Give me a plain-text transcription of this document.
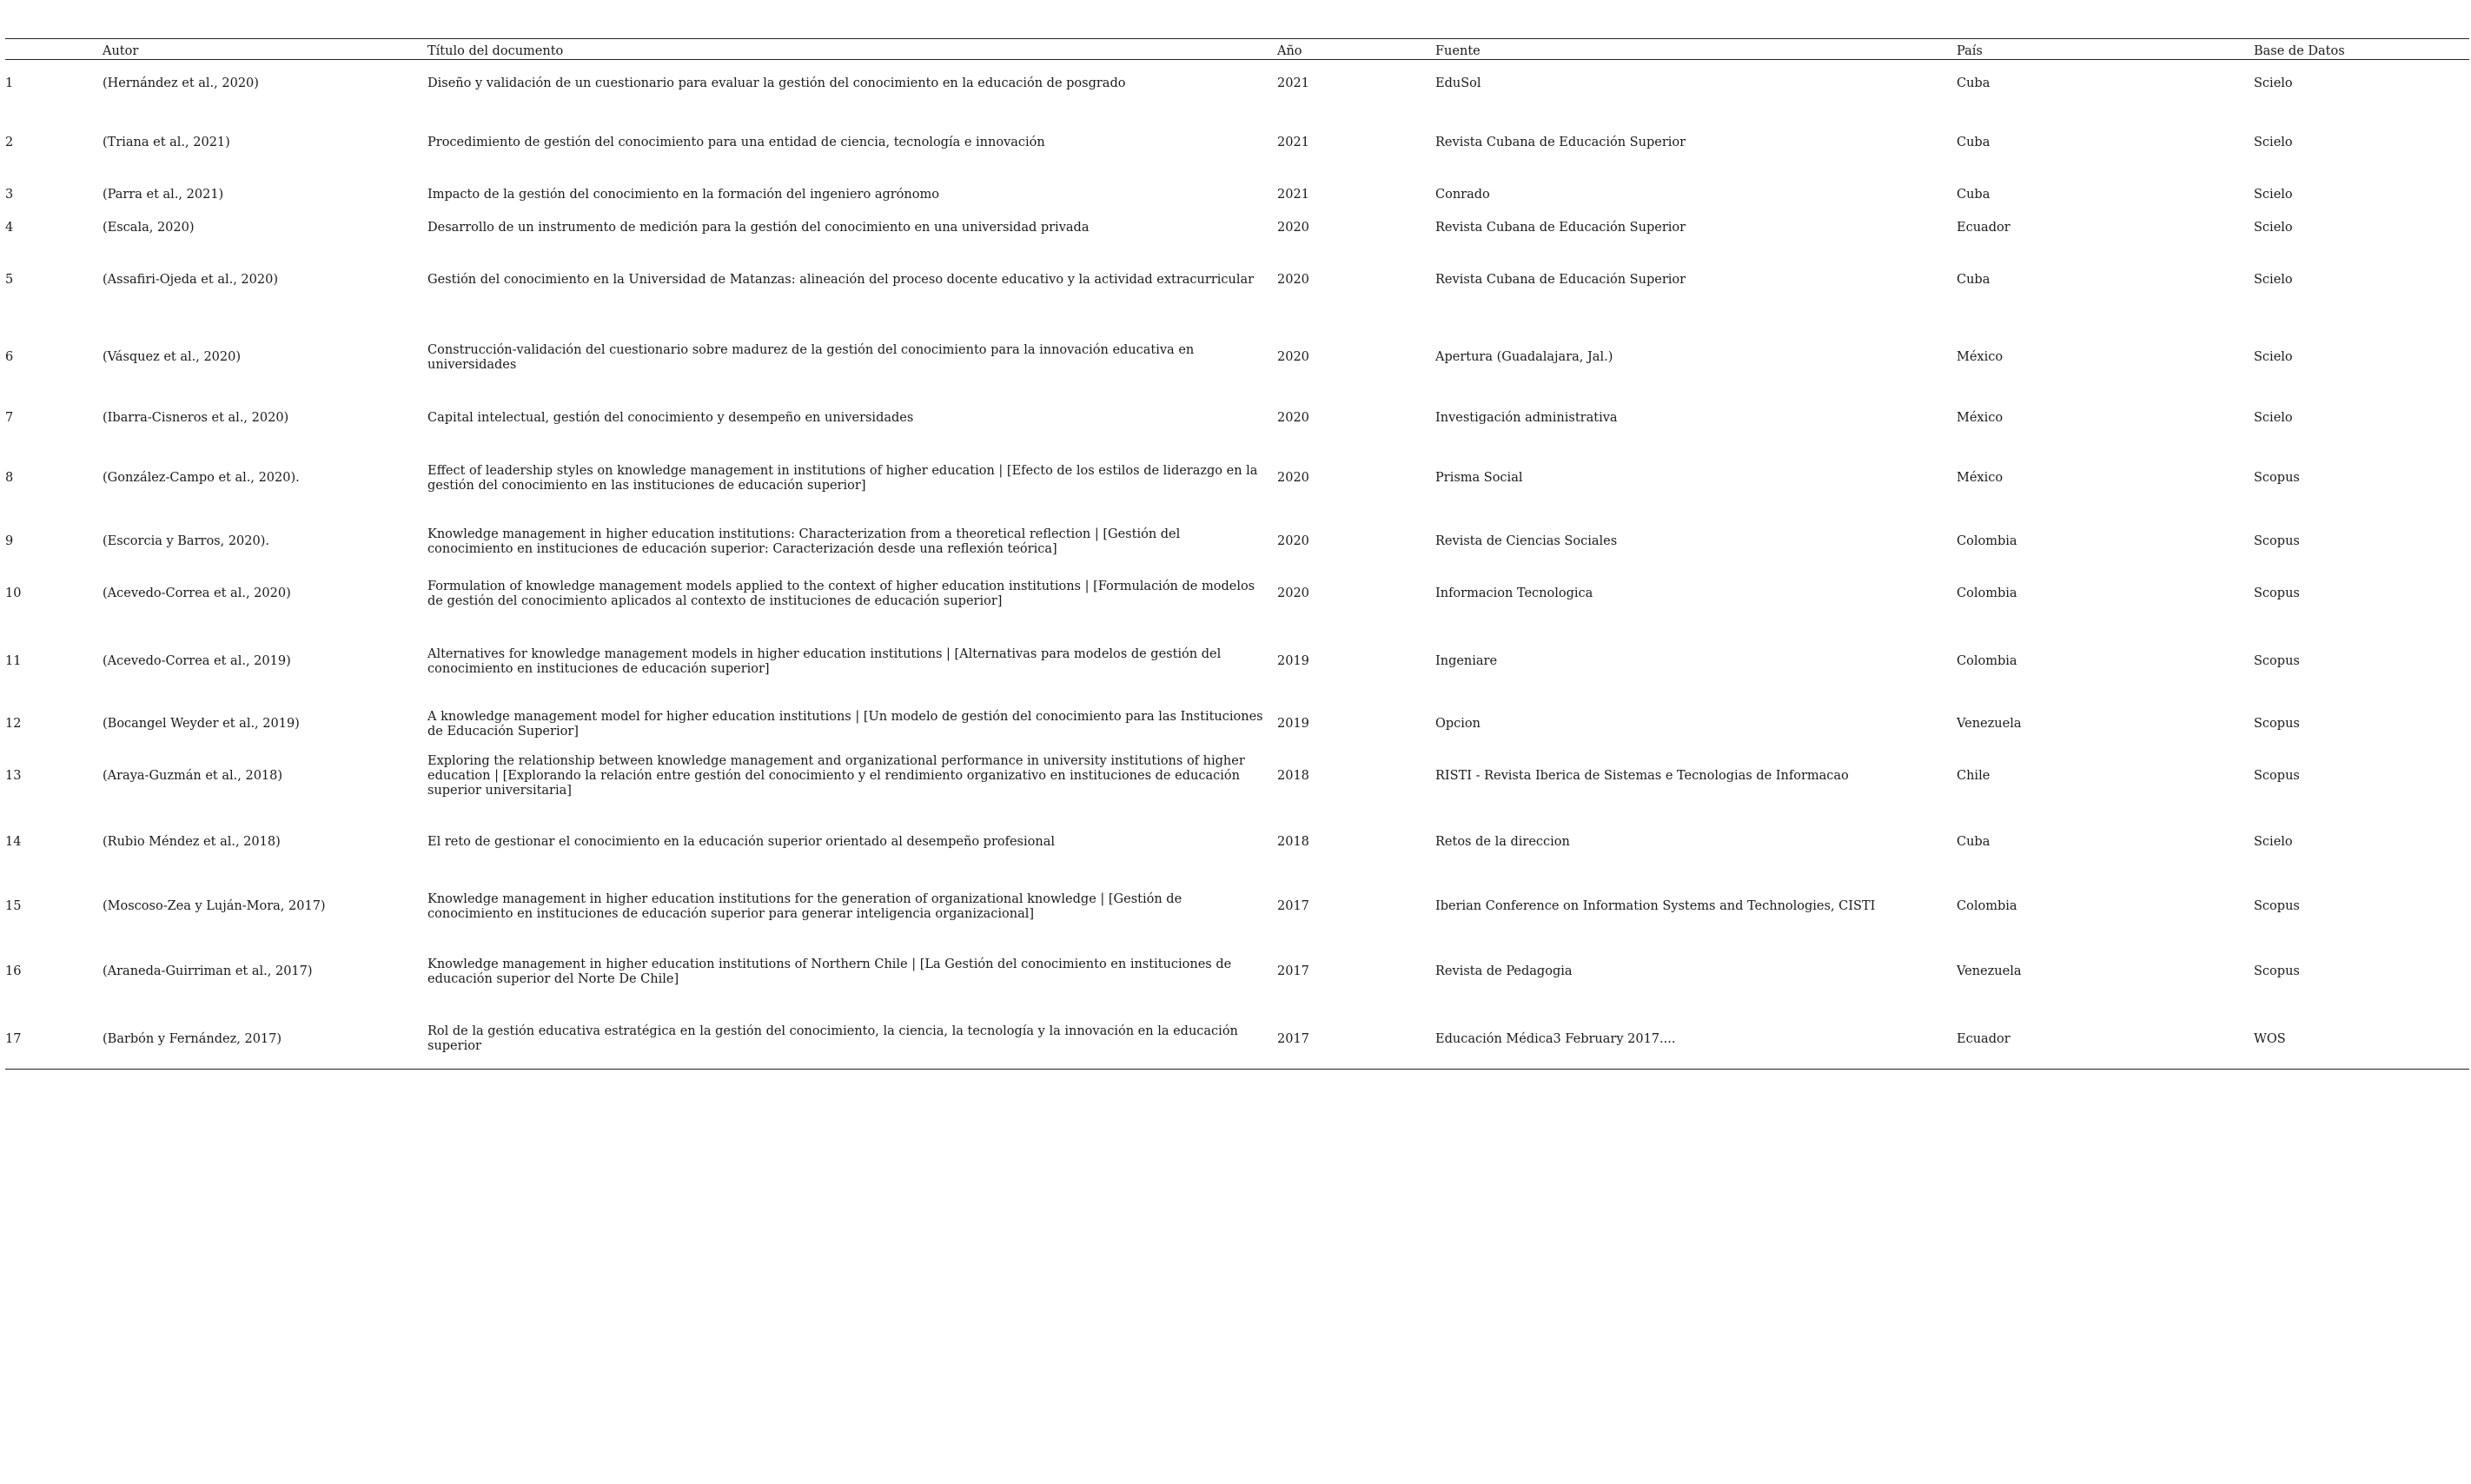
	Autor	Título del documento	Año	Fuente	País	Base de Datos
1	(Hernández et al., 2020)	Diseño y validación de un cuestionario para evaluar la gestión del conocimiento en la educación de posgrado	2021	EduSol	Cuba	Scielo
2	(Triana et al., 2021)	Procedimiento de gestión del conocimiento para una entidad de ciencia, tecnología e innovación	2021	Revista Cubana de Educación Superior	Cuba	Scielo
3	(Parra et al., 2021)	Impacto de la gestión del conocimiento en la formación del ingeniero agrónomo	2021	Conrado	Cuba	Scielo
4	(Escala, 2020)	Desarrollo de un instrumento de medición para la gestión del conocimiento en una universidad privada	2020	Revista Cubana de Educación Superior	Ecuador	Scielo
5	(Assafiri-Ojeda et al., 2020)	Gestión del conocimiento en la Universidad de Matanzas: alineación del proceso docente educativo y la actividad extracurricular	2020	Revista Cubana de Educación Superior	Cuba	Scielo
6	(Vásquez et al., 2020)	Construcción-validación del cuestionario sobre madurez de la gestión del conocimiento para la innovación educativa en universidades	2020	Apertura (Guadalajara, Jal.)	México	Scielo
7	(Ibarra-Cisneros et al., 2020)	Capital intelectual, gestión del conocimiento y desempeño en universidades	2020	Investigación administrativa	México	Scielo
8	(González-Campo et al., 2020).	Effect of leadership styles on knowledge management in institutions of higher education | [Efecto de los estilos de liderazgo en la gestión del conocimiento en las instituciones de educación superior]	2020	Prisma Social	México	Scopus
9	(Escorcia y Barros, 2020).	Knowledge management in higher education institutions: Characterization from a theoretical reflection | [Gestión del conocimiento en instituciones de educación superior: Caracterización desde una reflexión teórica]	2020	Revista de Ciencias Sociales	Colombia	Scopus
10	(Acevedo-Correa et al., 2020)	Formulation of knowledge management models applied to the context of higher education institutions | [Formulación de modelos de gestión del conocimiento aplicados al contexto de instituciones de educación superior]	2020	Informacion Tecnologica	Colombia	Scopus
11	(Acevedo-Correa et al., 2019)	Alternatives for knowledge management models in higher education institutions | [Alternativas para modelos de gestión del conocimiento en instituciones de educación superior]	2019	Ingeniare	Colombia	Scopus
12	(Bocangel Weyder et al., 2019)	A knowledge management model for higher education institutions | [Un modelo de gestión del conocimiento para las Instituciones de Educación Superior]	2019	Opcion	Venezuela	Scopus
13	(Araya-Guzmán et al., 2018)	Exploring the relationship between knowledge management and organizational performance in university institutions of higher education | [Explorando la relación entre gestión del conocimiento y el rendimiento organizativo en instituciones de educación superior universitaria]	2018	RISTI - Revista Iberica de Sistemas e Tecnologias de Informacao	Chile	Scopus
14	(Rubio Méndez et al., 2018)	El reto de gestionar el conocimiento en la educación superior orientado al desempeño profesional	2018	Retos de la direccion	Cuba	Scielo
15	(Moscoso-Zea y Luján-Mora, 2017)	Knowledge management in higher education institutions for the generation of organizational knowledge | [Gestión de conocimiento en instituciones de educación superior para generar inteligencia organizacional]	2017	Iberian Conference on Information Systems and Technologies, CISTI	Colombia	Scopus
16	(Araneda-Guirriman et al., 2017)	Knowledge management in higher education institutions of Northern Chile | [La Gestión del conocimiento en instituciones de educación superior del Norte De Chile]	2017	Revista de Pedagogia	Venezuela	Scopus
17	(Barbón y Fernández, 2017)	Rol de la gestión educativa estratégica en la gestión del conocimiento, la ciencia, la tecnología y la innovación en la educación superior	2017	Educación Médica3 February 2017....	Ecuador	WOS
